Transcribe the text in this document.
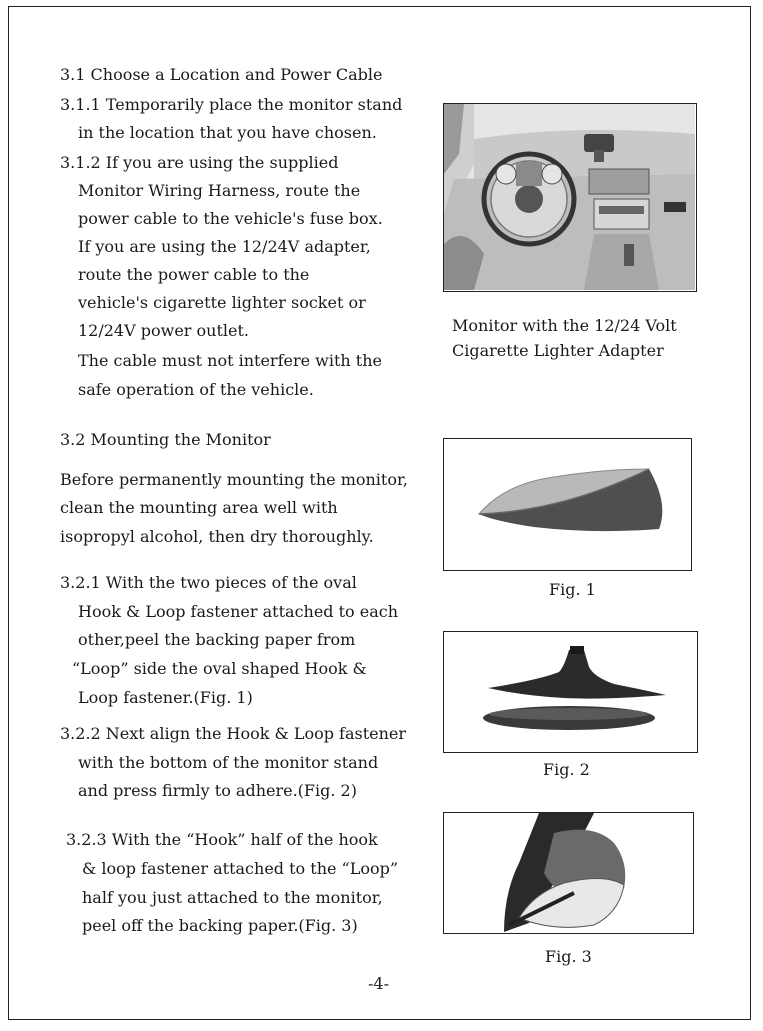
3.1 Choose a Location and Power Cable
3.1.1 Temporarily place the monitor stand
in the location that you have chosen.
3.1.2 If you are using the supplied
Monitor Wiring Harness, route the
power cable to the vehicle's fuse box.
If you are using the 12/24V adapter,
route the power cable to the
vehicle's cigarette lighter socket or
12/24V power outlet.
The cable must not interfere with the
safe operation of the vehicle.
Monitor with the 12/24 Volt
Cigarette Lighter Adapter
3.2 Mounting the Monitor
Before permanently mounting the monitor,
clean the mounting area well with
isopropyl alcohol, then dry thoroughly.
3.2.1 With the two pieces of the oval
Hook & Loop fastener attached to each
other,peel the backing paper from
“Loop” side the oval shaped Hook &
Loop fastener.(Fig. 1)
3.2.2 Next align the Hook & Loop fastener
with the bottom of the monitor stand
and press firmly to adhere.(Fig. 2)
3.2.3 With the “Hook” half of the hook
& loop fastener attached to the “Loop”
half you just attached to the monitor,
peel off the backing paper.(Fig. 3)
Fig. 1
Fig. 2
Fig. 3
-4-
